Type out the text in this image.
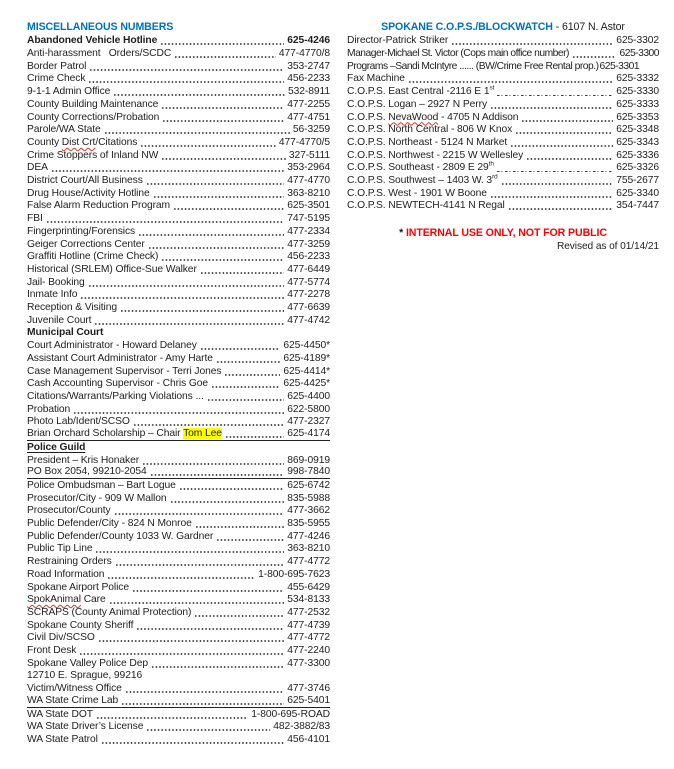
MISCELLANEOUS NUMBERS
Abandoned Vehicle Hotline	625-4246
Anti-harassment   Orders/SCDC	477-4770/8
Border Patrol	353-2747
Crime Check	456-2233
9-1-1 Admin Office	532-8911
County Building Maintenance	477-2255
County Corrections/Probation	477-4751
Parole/WA State	56-3259
County Dist Crt/Citations	477-4770/5
Crime Stoppers of Inland NW	327-5111
DEA	353-2964
District Court/All Business	477-4770
Drug House/Activity Hotline	363-8210
False Alarm Reduction Program	625-3501
FBI	747-5195
Fingerprinting/Forensics	477-2334
Geiger Corrections Center	477-3259
Graffiti Hotline (Crime Check)	456-2233
Historical (SRLEM) Office-Sue Walker	477-6449
Jail- Booking	477-5774
Inmate Info	477-2278
Reception & Visiting	477-6639
Juvenile Court	477-4742
Municipal Court
Court Administrator - Howard Delaney	625-4450*
Assistant Court Administrator - Amy Harte	625-4189*
Case Management Supervisor - Terri Jones	625-4414*
Cash Accounting Supervisor - Chris Goe	625-4425*
Citations/Warrants/Parking Violations ...	625-4400
Probation	622-5800
Photo Lab/Ident/SCSO	477-2327
Brian Orchard Scholarship – Chair Tom Lee	625-4174
Police Guild
President – Kris Honaker	869-0919
PO Box 2054, 99210-2054	998-7840
Police Ombudsman – Bart Logue	625-6742
Prosecutor/City - 909 W Mallon	835-5988
Prosecutor/County	477-3662
Public Defender/City - 824 N Monroe	835-5955
Public Defender/County 1033 W. Gardner	477-4246
Public Tip Line	363-8210
Restraining Orders	477-4772
Road Information	1-800-695-7623
Spokane Airport Police	455-6429
SpokAnimal Care	534-8133
SCRAPS (County Animal Protection)	477-2532
Spokane County Sheriff	477-4739
Civil Div/SCSO	477-4772
Front Desk	477-2240
Spokane Valley Police Dep	477-3300
12710 E. Sprague, 99216
Victim/Witness Office	477-3746
WA State Crime Lab	625-5401
WA State DOT	1-800-695-ROAD
WA State Driver’s License	482-3882/83
WA State Patrol	456-4101
SPOKANE C.O.P.S./BLOCKWATCH - 6107 N. Astor
Director-Patrick Striker	625-3302
Manager-Michael St. Victor (Cops main office number)	625-3300
Programs –Sandi McIntyre ...... (BW/Crime Free Rental prop.) 625-3301
Fax Machine	625-3332
C.O.P.S. East Central -2116 E 1st	625-3330
C.O.P.S. Logan – 2927 N Perry	625-3333
C.O.P.S. NevaWood - 4705 N Addison	625-3353
C.O.P.S. North Central - 806 W Knox	625-3348
C.O.P.S. Northeast - 5124 N Market	625-3343
C.O.P.S. Northwest - 2215 W Wellesley	625-3336
C.O.P.S. Southeast - 2809 E 29th	625-3326
C.O.P.S. Southwest – 1403 W. 3rd	755-2677
C.O.P.S. West - 1901 W Boone	625-3340
C.O.P.S. NEWTECH-4141 N Regal	354-7447
* INTERNAL USE ONLY, NOT FOR PUBLIC
Revised as of 01/14/21
